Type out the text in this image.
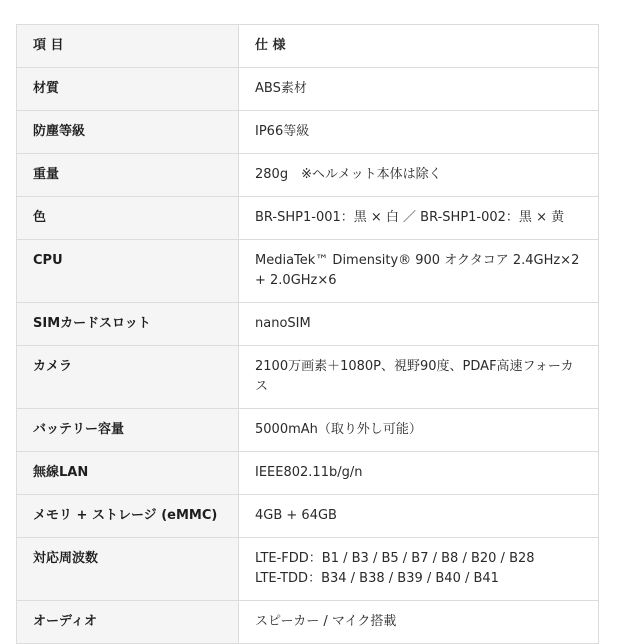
項 目	仕 様
材質	ABS素材

防塵等級	IP66等級

重量	280g　※ヘルメット本体は除く

色	BR-SHP1-001：黒 × 白 ／ BR-SHP1-002：黒 × 黄

CPU	MediaTek™ Dimensity® 900 オクタコア 2.4GHz×2
+ 2.0GHz×6

SIMカードスロット	nanoSIM

カメラ	2100万画素＋1080P、視野90度、PDAF高速フォーカス

バッテリー容量	5000mAh（取り外し可能）

無線LAN	IEEE802.11b/g/n

メモリ + ストレージ (eMMC)	4GB + 64GB

対応周波数	LTE-FDD：B1 / B3 / B5 / B7 / B8 / B20 / B28
LTE-TDD：B34 / B38 / B39 / B40 / B41

オーディオ	スピーカー / マイク搭載
